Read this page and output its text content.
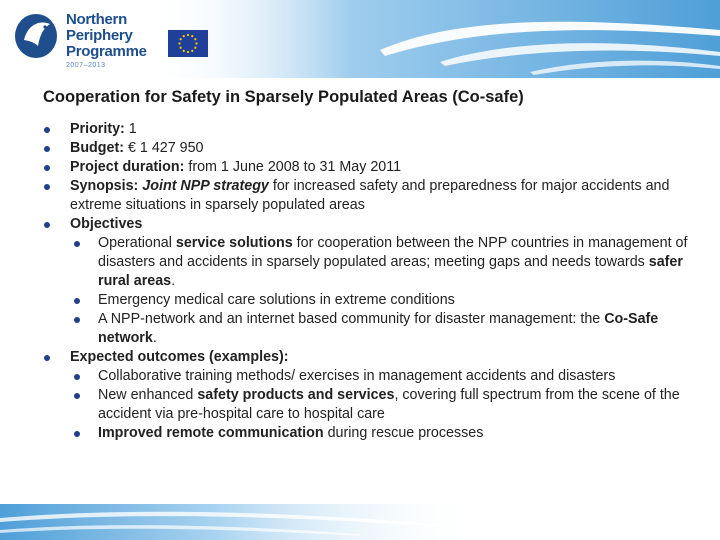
Northern
Periphery
Programme
2007–2013
Cooperation for Safety in Sparsely Populated Areas (Co-safe)
Priority: 1
Budget: € 1 427 950
Project duration: from 1 June 2008 to 31 May 2011
Synopsis: Joint NPP strategy for increased safety and preparedness for major accidents and extreme situations in sparsely populated areas
Objectives
Operational service solutions for cooperation between the NPP countries in management of disasters and accidents in sparsely populated areas; meeting gaps and needs towards safer rural areas.
Emergency medical care solutions in extreme conditions
A NPP-network and an internet based community for disaster management: the Co-Safe network.
Expected outcomes (examples):
Collaborative training methods/ exercises in management accidents and disasters
New enhanced safety products and services, covering full spectrum from the scene of the accident via pre-hospital care to hospital care
Improved remote communication during rescue processes
